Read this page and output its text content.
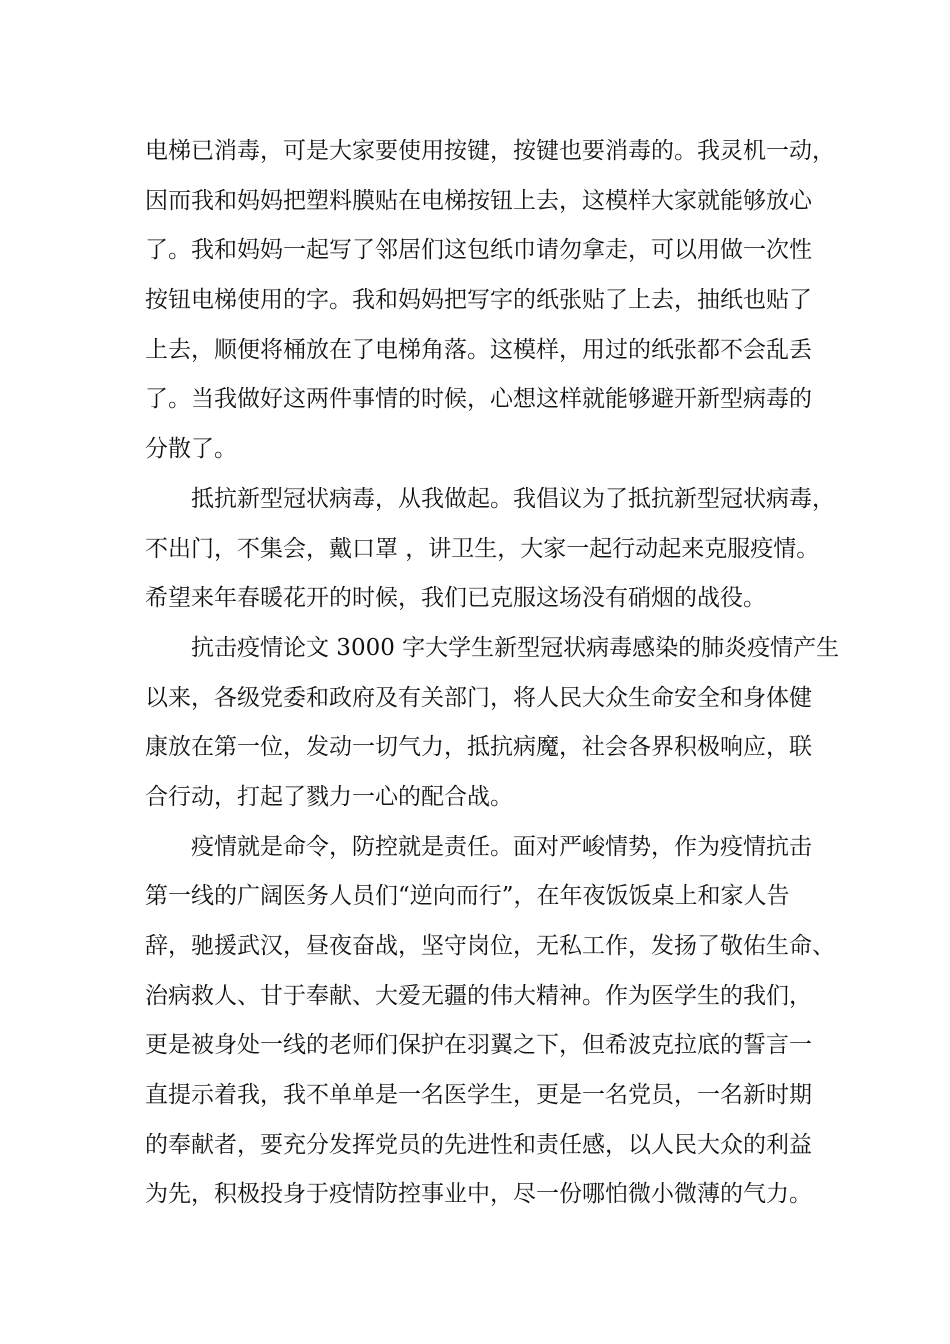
电梯已消毒，可是大家要使用按键，按键也要消毒的。我灵机一动，
因而我和妈妈把塑料膜贴在电梯按钮上去，这模样大家就能够放心
了。我和妈妈一起写了邻居们这包纸巾请勿拿走，可以用做一次性
按钮电梯使用的字。我和妈妈把写字的纸张贴了上去，抽纸也贴了
上去，顺便将桶放在了电梯角落。这模样，用过的纸张都不会乱丢
了。当我做好这两件事情的时候，心想这样就能够避开新型病毒的
分散了。
抵抗新型冠状病毒，从我做起。我倡议为了抵抗新型冠状病毒，
不出门，不集会，戴口罩 ，讲卫生，大家一起行动起来克服疫情。
希望来年春暖花开的时候，我们已克服这场没有硝烟的战役。
抗击疫情论文 3000 字大学生新型冠状病毒感染的肺炎疫情产生
以来，各级党委和政府及有关部门，将人民大众生命安全和身体健
康放在第一位，发动一切气力，抵抗病魔，社会各界积极响应，联
合行动，打起了戮力一心的配合战。
疫情就是命令，防控就是责任。面对严峻情势，作为疫情抗击
第一线的广阔医务人员们“逆向而行”，在年夜饭饭桌上和家人告
辞，驰援武汉，昼夜奋战，坚守岗位，无私工作，发扬了敬佑生命、
治病救人、甘于奉献、大爱无疆的伟大精神。作为医学生的我们，
更是被身处一线的老师们保护在羽翼之下，但希波克拉底的誓言一
直提示着我，我不单单是一名医学生，更是一名党员，一名新时期
的奉献者，要充分发挥党员的先进性和责任感，以人民大众的利益
为先，积极投身于疫情防控事业中，尽一份哪怕微小微薄的气力。
